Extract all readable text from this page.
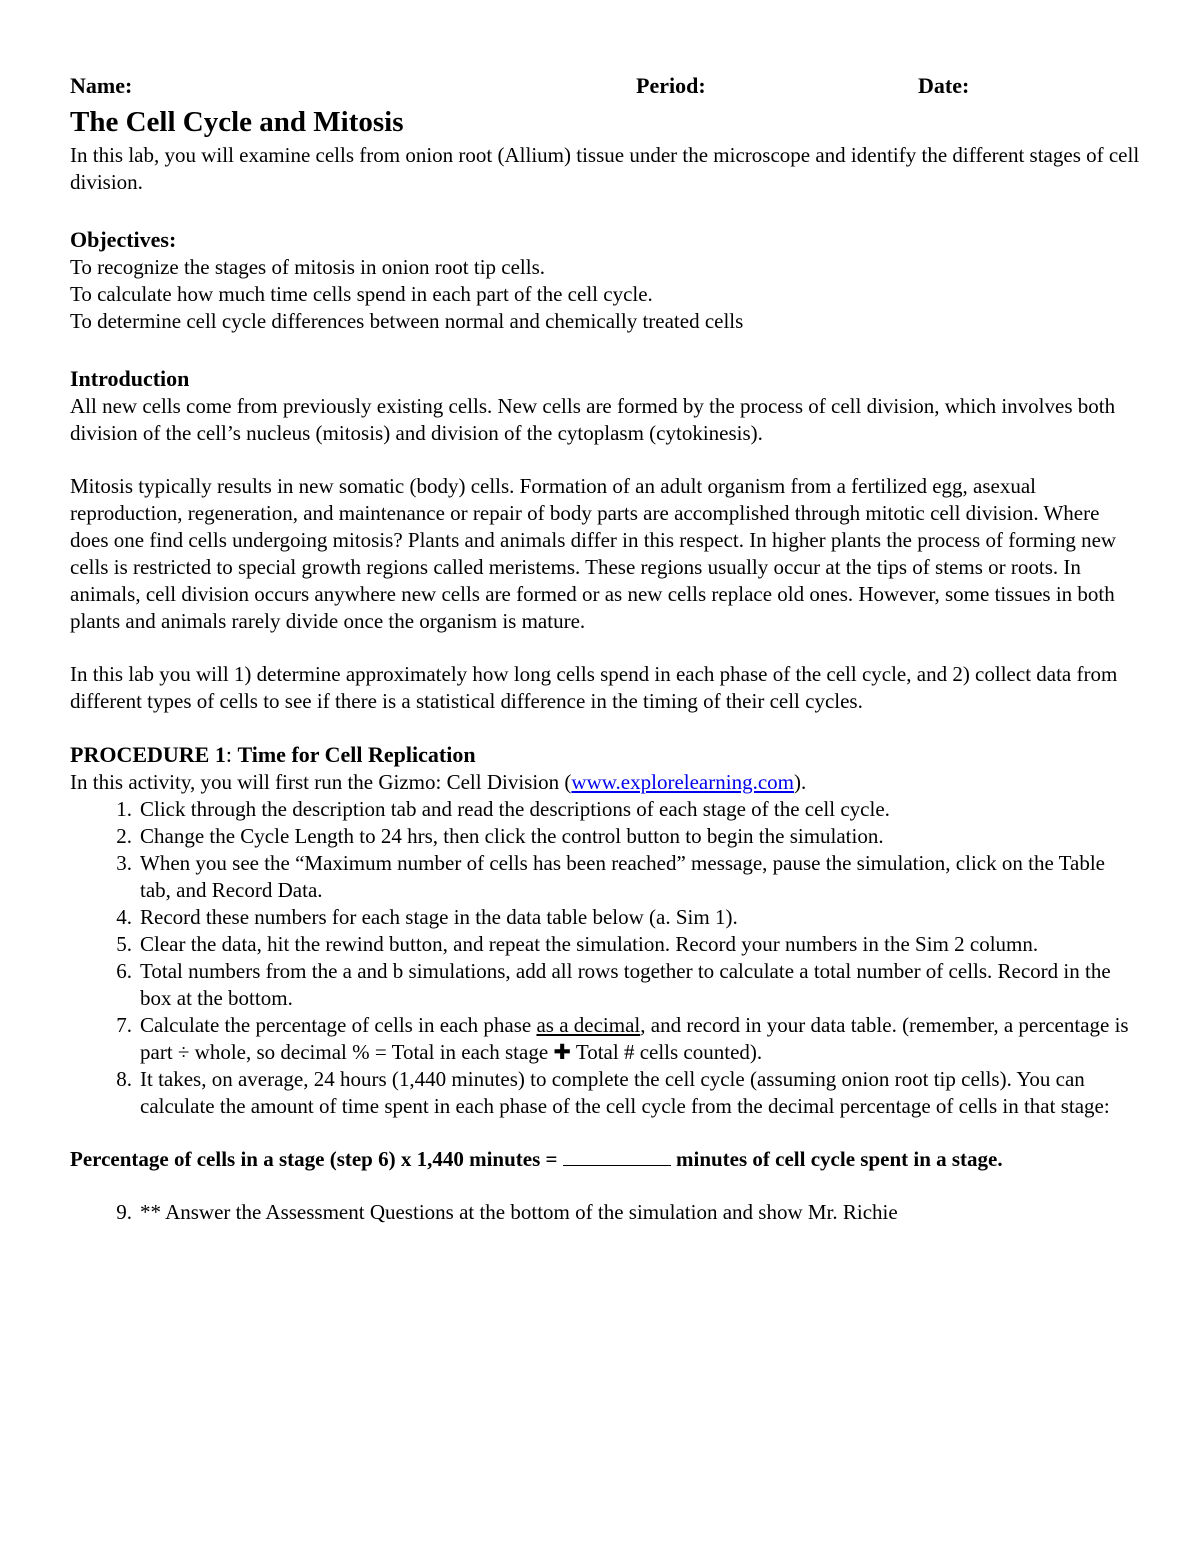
Name:	Period:	Date:
The Cell Cycle and Mitosis

In this lab, you will examine cells from onion root (Allium) tissue under the microscope and identify the different stages of cell division.

Objectives:

To recognize the stages of mitosis in onion root tip cells.

To calculate how much time cells spend in each part of the cell cycle.

To determine cell cycle differences between normal and chemically treated cells

Introduction

All new cells come from previously existing cells. New cells are formed by the process of cell division, which involves both division of the cell’s nucleus (mitosis) and division of the cytoplasm (cytokinesis).

Mitosis typically results in new somatic (body) cells. Formation of an adult organism from a fertilized egg, asexual reproduction, regeneration, and maintenance or repair of body parts are accomplished through mitotic cell division. Where does one find cells undergoing mitosis? Plants and animals differ in this respect. In higher plants the process of forming new cells is restricted to special growth regions called meristems. These regions usually occur at the tips of stems or roots. In animals, cell division occurs anywhere new cells are formed or as new cells replace old ones. However, some tissues in both plants and animals rarely divide once the organism is mature.

In this lab you will 1) determine approximately how long cells spend in each phase of the cell cycle, and 2) collect data from different types of cells to see if there is a statistical difference in the timing of their cell cycles.

PROCEDURE 1: Time for Cell Replication

In this activity, you will first run the Gizmo: Cell Division (www.explorelearning.com).

1. Click through the description tab and read the descriptions of each stage of the cell cycle.
2. Change the Cycle Length to 24 hrs, then click the control button to begin the simulation.
3. When you see the “Maximum number of cells has been reached” message, pause the simulation, click on the Table tab, and Record Data.
4. Record these numbers for each stage in the data table below (a. Sim 1).
5. Clear the data, hit the rewind button, and repeat the simulation. Record your numbers in the Sim 2 column.
6. Total numbers from the a and b simulations, add all rows together to calculate a total number of cells. Record in the box at the bottom.
7. Calculate the percentage of cells in each phase as a decimal, and record in your data table. (remember, a percentage is part ÷ whole, so decimal % = Total in each stage ✚ Total # cells counted).
8. It takes, on average, 24 hours (1,440 minutes) to complete the cell cycle (assuming onion root tip cells). You can calculate the amount of time spent in each phase of the cell cycle from the decimal percentage of cells in that stage:

Percentage of cells in a stage (step 6) x 1,440 minutes =	minutes of cell cycle spent in a stage.

9. ** Answer the Assessment Questions at the bottom of the simulation and show Mr. Richie
